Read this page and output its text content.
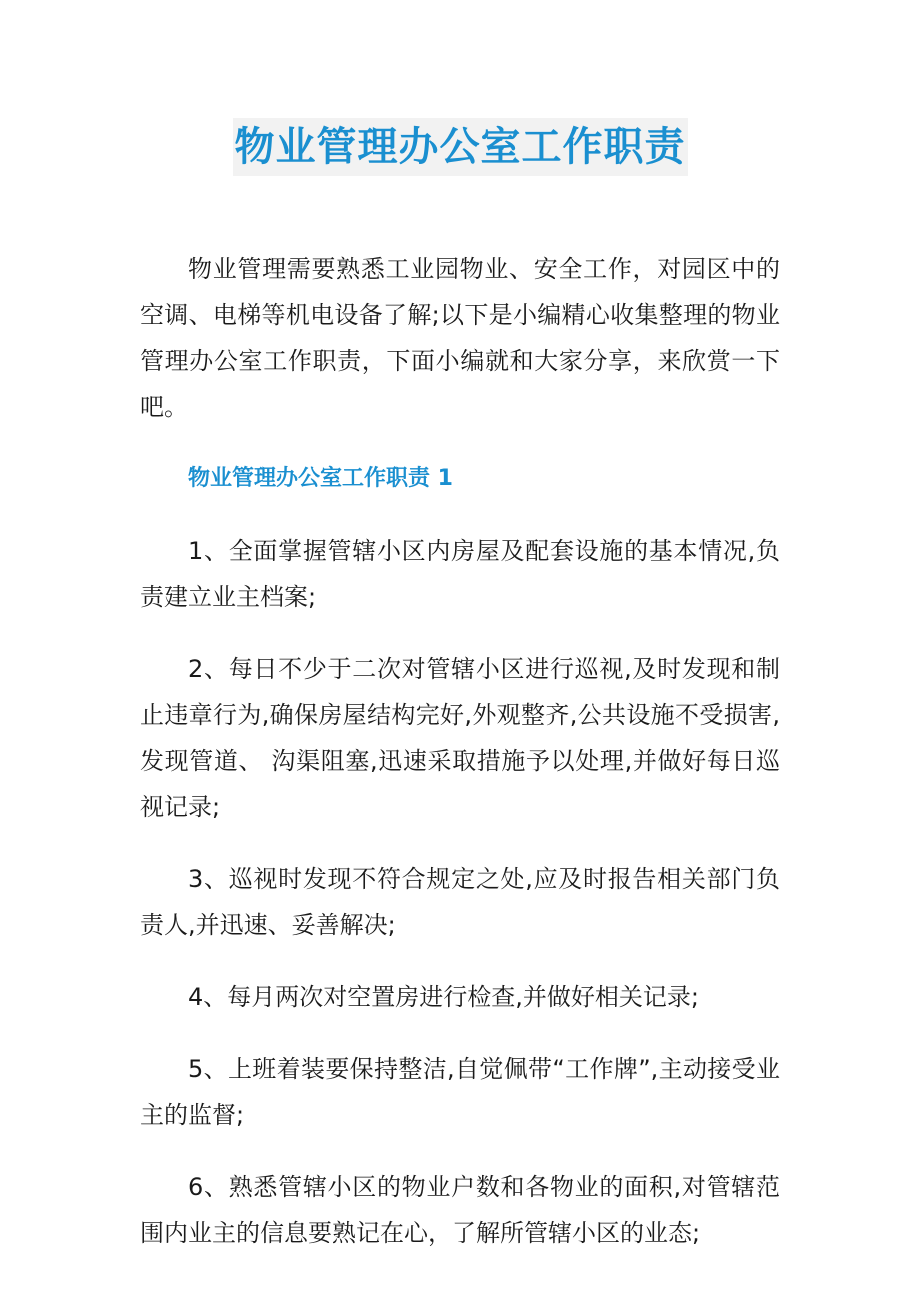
物业管理办公室工作职责

物业管理需要熟悉工业园物业、安全工作，对园区中的空调、电梯等机电设备了解;以下是小编精心收集整理的物业管理办公室工作职责，下面小编就和大家分享，来欣赏一下吧。

物业管理办公室工作职责 1

1、全面掌握管辖小区内房屋及配套设施的基本情况,负责建立业主档案;

2、每日不少于二次对管辖小区进行巡视,及时发现和制止违章行为,确保房屋结构完好,外观整齐,公共设施不受损害,发现管道、 沟渠阻塞,迅速采取措施予以处理,并做好每日巡视记录;

3、巡视时发现不符合规定之处,应及时报告相关部门负责人,并迅速、妥善解决;

4、每月两次对空置房进行检查,并做好相关记录;

5、上班着装要保持整洁,自觉佩带“工作牌”,主动接受业主的监督;

6、熟悉管辖小区的物业户数和各物业的面积,对管辖范围内业主的信息要熟记在心，了解所管辖小区的业态;
